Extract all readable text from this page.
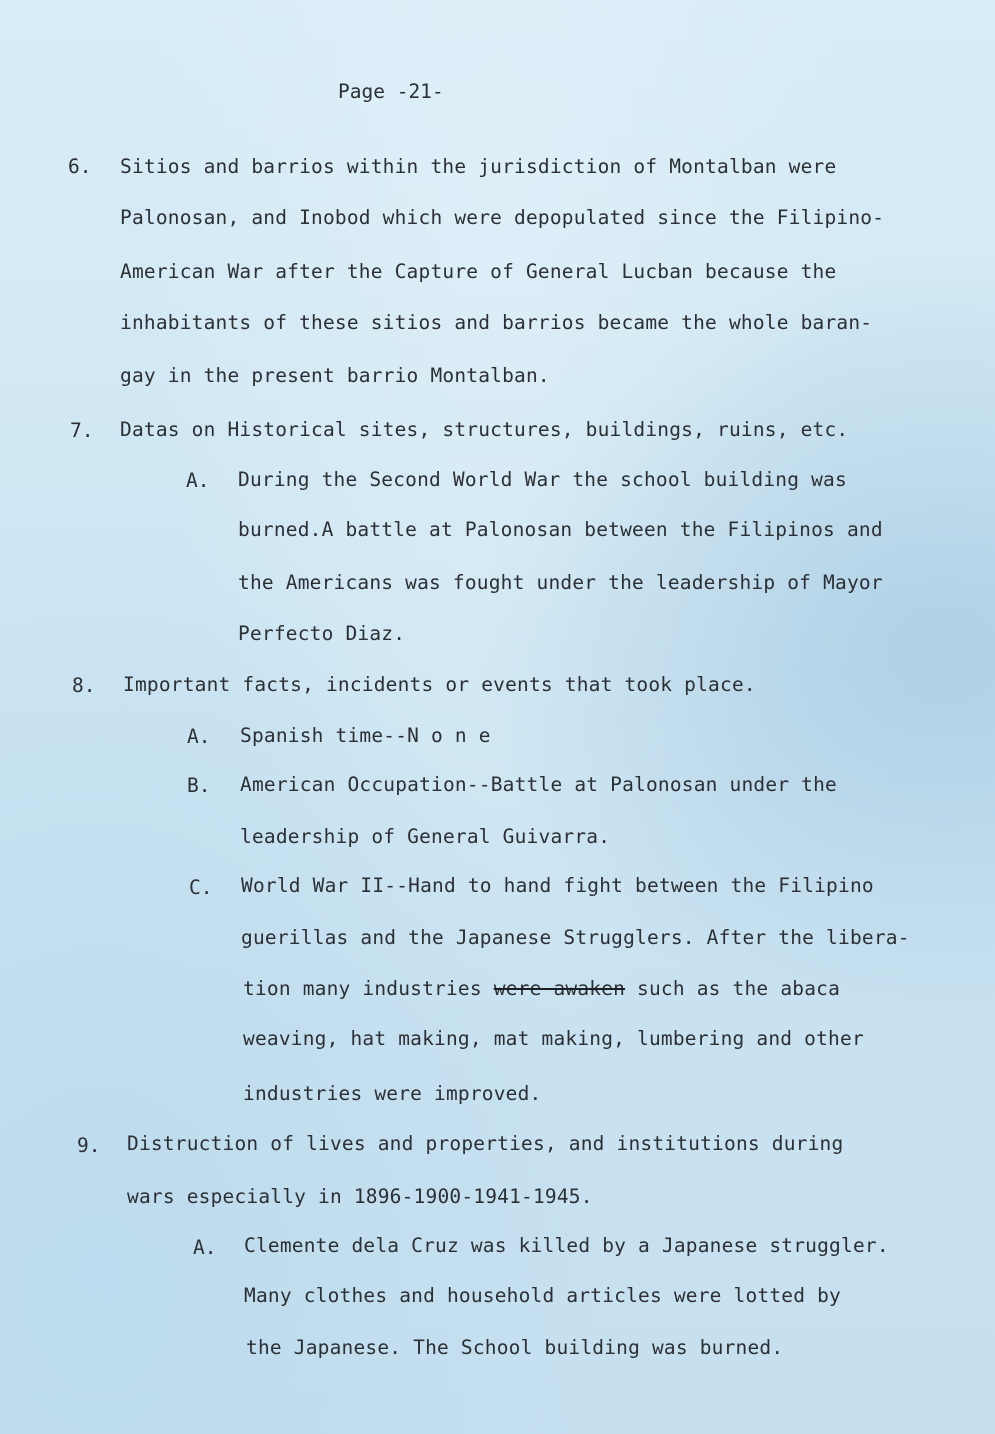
Page -21-
6. Sitios and barrios within the jurisdiction of Montalban were
Palonosan, and Inobod which were depopulated since the Filipino-
American War after the Capture of General Lucban because the
inhabitants of these sitios and barrios became the whole baran-
gay in the present barrio Montalban.
7. Datas on Historical sites, structures, buildings, ruins, etc.
A. During the Second World War the school building was
burned.A battle at Palonosan between the Filipinos and
the Americans was fought under the leadership of Mayor
Perfecto Diaz.
8. Important facts, incidents or events that took place.
A. Spanish time--N o n e
B. American Occupation--Battle at Palonosan under the
leadership of General Guivarra.
C. World War II--Hand to hand fight between the Filipino
guerillas and the Japanese Strugglers. After the libera-
tion many industries were awaken such as the abaca
weaving, hat making, mat making, lumbering and other
industries were improved.
9. Distruction of lives and properties, and institutions during
wars especially in 1896-1900-1941-1945.
A. Clemente dela Cruz was killed by a Japanese struggler.
Many clothes and household articles were lotted by
the Japanese. The School building was burned.
